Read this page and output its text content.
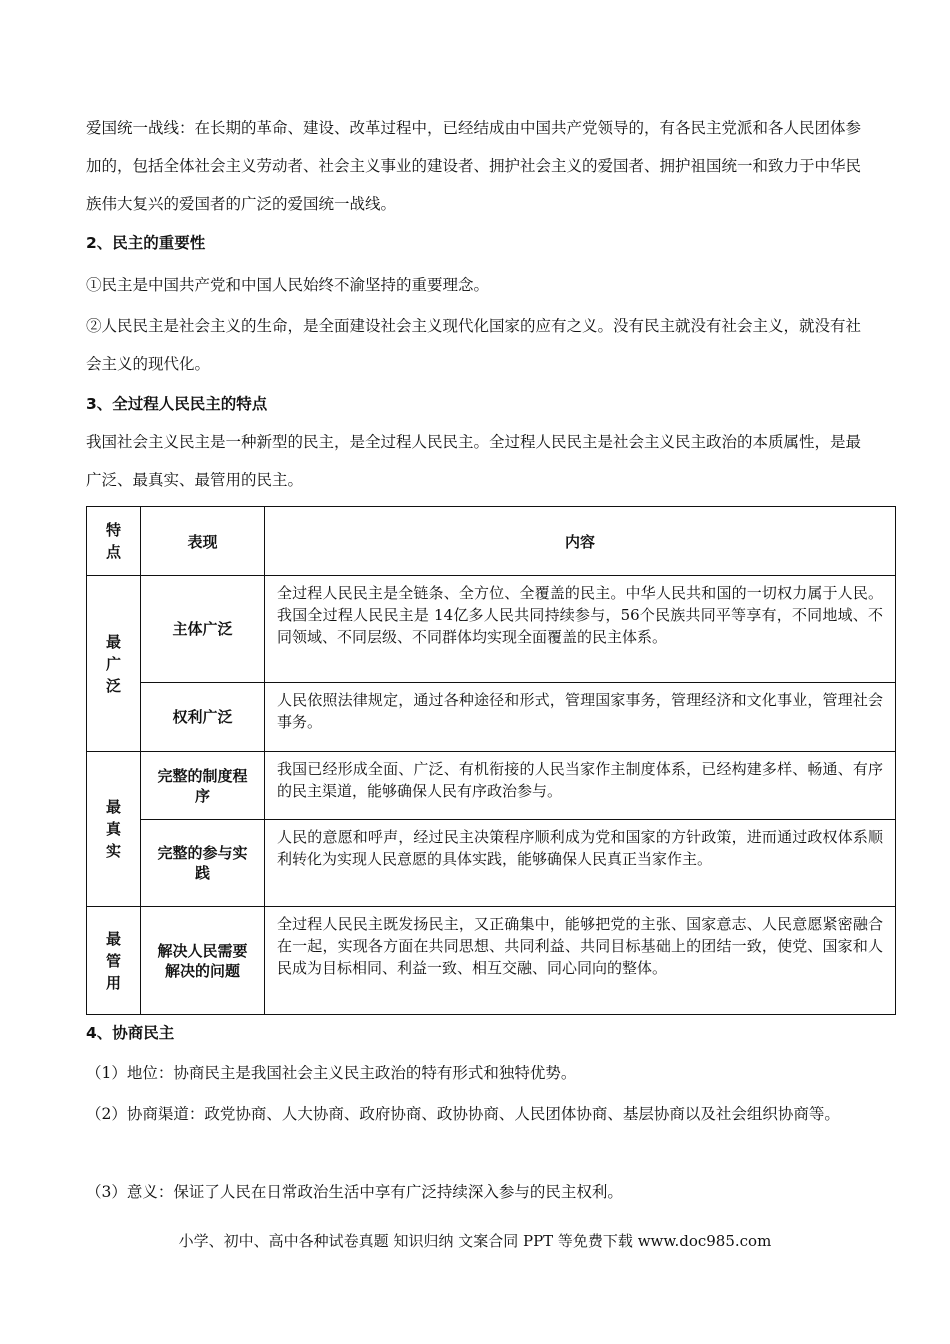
爱国统一战线：在长期的革命、建设、改革过程中，已经结成由中国共产党领导的，有各民主党派和各人民团体参加的，包括全体社会主义劳动者、社会主义事业的建设者、拥护社会主义的爱国者、拥护祖国统一和致力于中华民族伟大复兴的爱国者的广泛的爱国统一战线。

2、民主的重要性

①民主是中国共产党和中国人民始终不渝坚持的重要理念。

②人民民主是社会主义的生命，是全面建设社会主义现代化国家的应有之义。没有民主就没有社会主义，就没有社会主义的现代化。

3、全过程人民民主的特点

我国社会主义民主是一种新型的民主，是全过程人民民主。全过程人民民主是社会主义民主政治的本质属性，是最广泛、最真实、最管用的民主。

特点	表现	内容

最广泛	主体广泛	全过程人民民主是全链条、全方位、全覆盖的民主。中华人民共和国的一切权力属于人民。我国全过程人民民主是 14亿多人民共同持续参与，56个民族共同平等享有，不同地域、不同领域、不同层级、不同群体均实现全面覆盖的民主体系。

	权利广泛	人民依照法律规定，通过各种途径和形式，管理国家事务，管理经济和文化事业，管理社会事务。

最真实	完整的制度程序	我国已经形成全面、广泛、有机衔接的人民当家作主制度体系，已经构建多样、畅通、有序的民主渠道，能够确保人民有序政治参与。

	完整的参与实践	人民的意愿和呼声，经过民主决策程序顺利成为党和国家的方针政策，进而通过政权体系顺利转化为实现人民意愿的具体实践，能够确保人民真正当家作主。

最管用	解决人民需要解决的问题	全过程人民民主既发扬民主，又正确集中，能够把党的主张、国家意志、人民意愿紧密融合在一起，实现各方面在共同思想、共同利益、共同目标基础上的团结一致，使党、国家和人民成为目标相同、利益一致、相互交融、同心同向的整体。

4、协商民主

（1）地位：协商民主是我国社会主义民主政治的特有形式和独特优势。

（2）协商渠道：政党协商、人大协商、政府协商、政协协商、人民团体协商、基层协商以及社会组织协商等。

（3）意义：保证了人民在日常政治生活中享有广泛持续深入参与的民主权利。

小学、初中、高中各种试卷真题 知识归纳 文案合同 PPT 等免费下载 www.doc985.com
